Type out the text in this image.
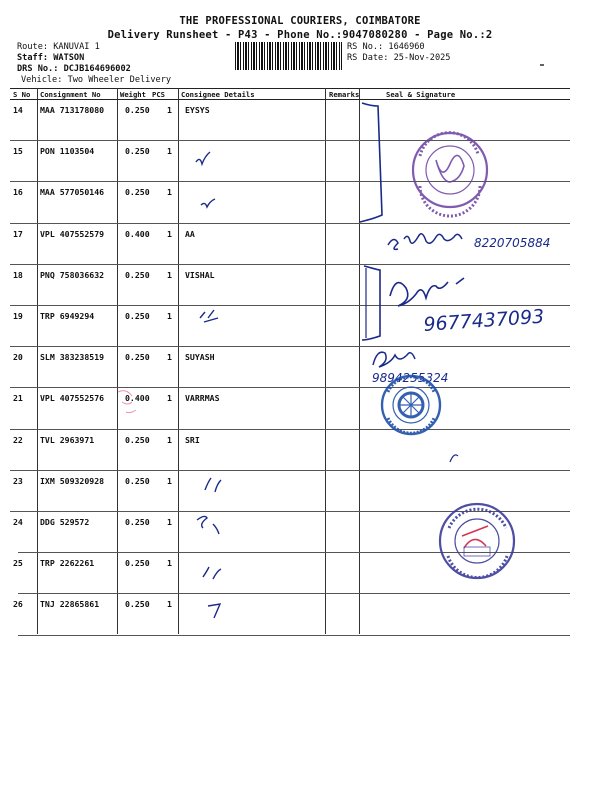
THE PROFESSIONAL COURIERS, COIMBATORE
Delivery Runsheet - P43 - Phone No.:9047080280 - Page No.:2
Route: KANUVAI 1
Staff: WATSON
DRS No.: DCJB164696002
Vehicle: Two Wheeler Delivery
RS No.: 1646960
RS Date: 25-Nov-2025
S No Consignment No	Weight PCS Consignee Details	Remarks	Seal & Signature
14 MAA 713178080	0.250 1 EYSYS
15 PON 1103504	0.250 1
16 MAA 577050146	0.250 1
17 VPL 407552579	0.400 1 AA
18 PNQ 758036632	0.250 1 VISHAL
19 TRP 6949294	0.250 1
20 SLM 383238519	0.250 1 SUYASH
21 VPL 407552576	0.400 1 VARRMAS
22 TVL 2963971	0.250 1 SRI
23 IXM 509320928	0.250 1
24 DDG 529572	0.250 1
25 TRP 2262261	0.250 1
26 TNJ 22865861	0.250 1
8220705884
9677437093
9894255324
